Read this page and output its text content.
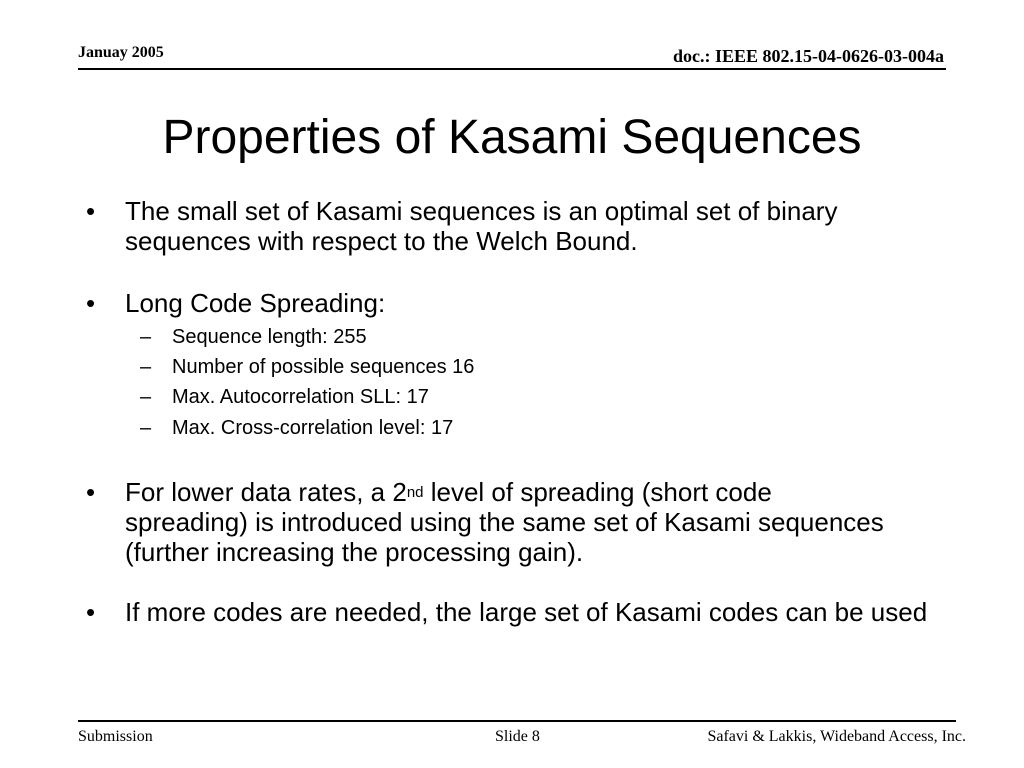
Januay 2005	doc.: IEEE 802.15-04-0626-03-004a
Properties of Kasami Sequences
• The small set of Kasami sequences is an optimal set of binary sequences with respect to the Welch Bound.
• Long Code Spreading:
– Sequence length: 255
– Number of possible sequences 16
– Max. Autocorrelation SLL: 17
– Max. Cross-correlation level: 17
• For lower data rates, a 2nd level of spreading (short code spreading) is introduced using the same set of Kasami sequences (further increasing the processing gain).
• If more codes are needed, the large set of Kasami codes can be used
Submission	Slide 8	Safavi & Lakkis, Wideband Access, Inc.
